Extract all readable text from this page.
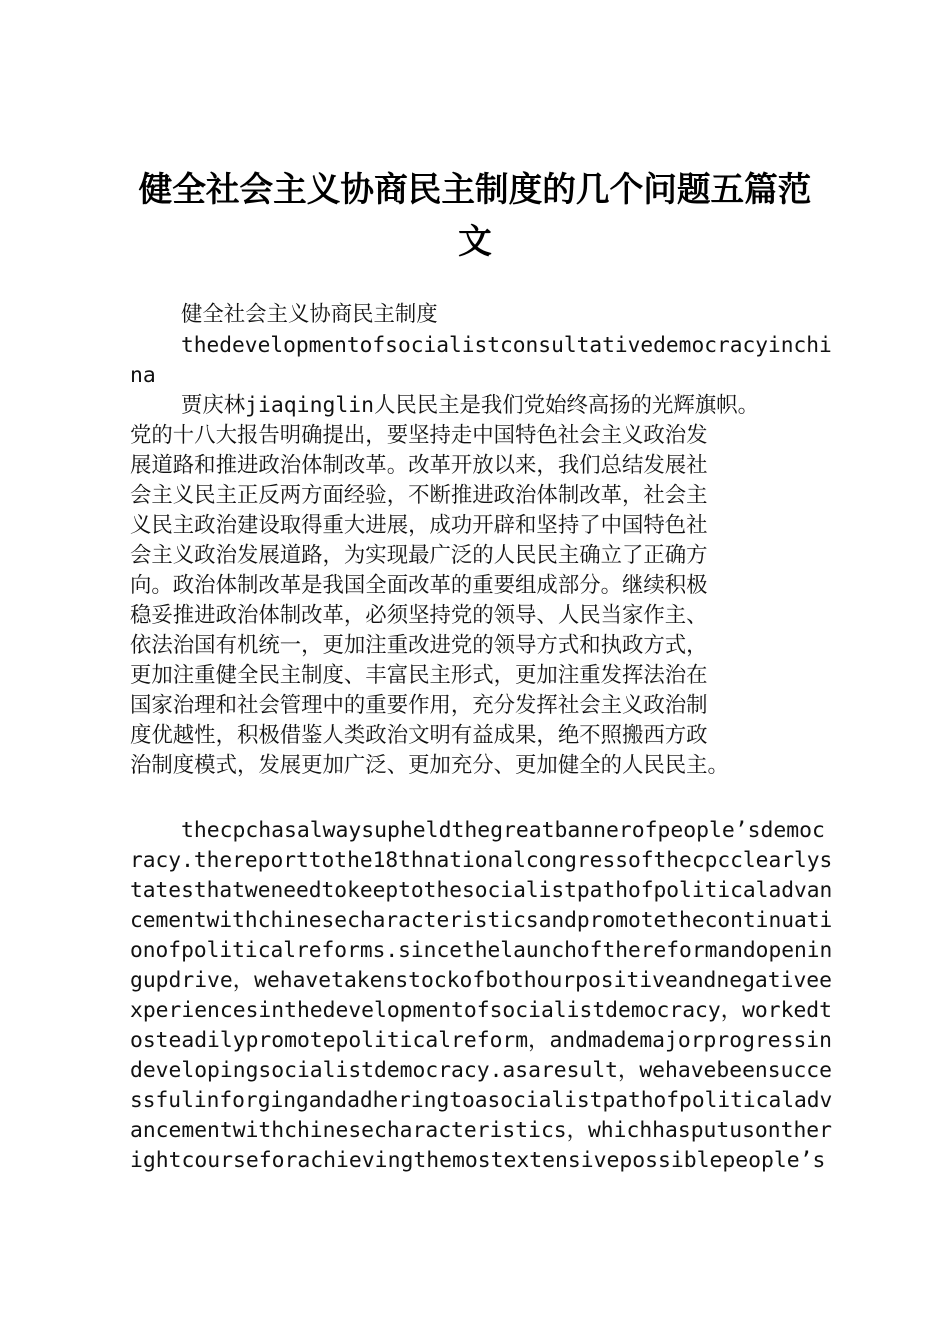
健全社会主义协商民主制度的几个问题五篇范
文
健全社会主义协商民主制度
thedevelopmentofsocialistconsultativedemocracyinchi
na
贾庆林jiaqinglin人民民主是我们党始终高扬的光辉旗帜。
党的十八大报告明确提出，要坚持走中国特色社会主义政治发
展道路和推进政治体制改革。改革开放以来，我们总结发展社
会主义民主正反两方面经验，不断推进政治体制改革，社会主
义民主政治建设取得重大进展，成功开辟和坚持了中国特色社
会主义政治发展道路，为实现最广泛的人民民主确立了正确方
向。政治体制改革是我国全面改革的重要组成部分。继续积极
稳妥推进政治体制改革，必须坚持党的领导、人民当家作主、
依法治国有机统一，更加注重改进党的领导方式和执政方式，
更加注重健全民主制度、丰富民主形式，更加注重发挥法治在
国家治理和社会管理中的重要作用，充分发挥社会主义政治制
度优越性，积极借鉴人类政治文明有益成果，绝不照搬西方政
治制度模式，发展更加广泛、更加充分、更加健全的人民民主。
thecpchasalwaysupheldthegreatbannerofpeople’sdemoc
racy.thereporttothe18thnationalcongressofthecpcclearlys
tatesthatweneedtokeeptothesocialistpathofpoliticaladvan
cementwithchinesecharacteristicsandpromotethecontinuati
onofpoliticalreforms.sincethelaunchofthereformandopenin
gupdrive，wehavetakenstockofbothourpositiveandnegativee
xperiencesinthedevelopmentofsocialistdemocracy，workedt
osteadilypromotepoliticalreform，andmademajorprogressin
developingsocialistdemocracy.asaresult，wehavebeensucce
ssfulinforgingandadheringtoasocialistpathofpoliticaladv
ancementwithchinesecharacteristics，whichhasputusonther
ightcourseforachievingthemostextensivepossiblepeople’s
